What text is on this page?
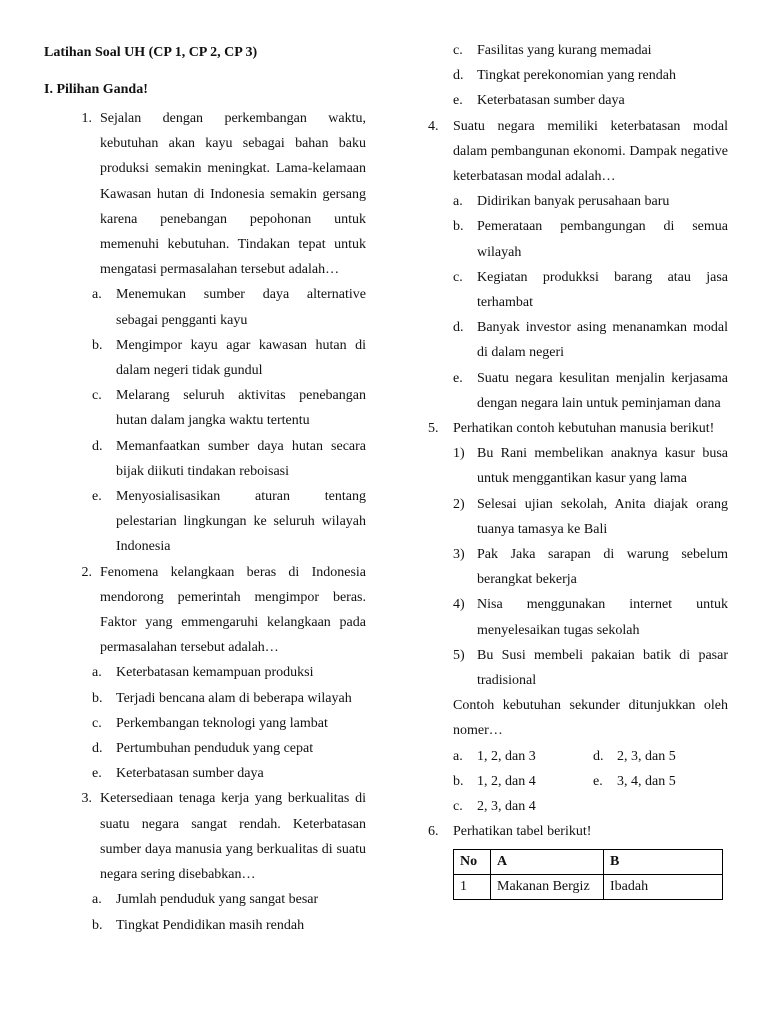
Latihan Soal UH (CP 1, CP 2, CP 3)

I. Pilihan Ganda!

1. Sejalan dengan perkembangan waktu, kebutuhan akan kayu sebagai bahan baku produksi semakin meningkat. Lama-kelamaan Kawasan hutan di Indonesia semakin gersang karena penebangan pepohonan untuk memenuhi kebutuhan. Tindakan tepat untuk mengatasi permasalahan tersebut adalah…
a.	Menemukan sumber daya alternative sebagai pengganti kayu
b. Mengimpor kayu agar kawasan hutan di dalam negeri tidak gundul
c.	Melarang seluruh aktivitas penebangan hutan dalam jangka waktu tertentu
d. Memanfaatkan sumber daya hutan secara bijak diikuti tindakan reboisasi
e.	Menyosialisasikan aturan tentang pelestarian lingkungan ke seluruh wilayah Indonesia
2. Fenomena kelangkaan beras di Indonesia mendorong pemerintah mengimpor beras. Faktor yang emmengaruhi kelangkaan pada permasalahan tersebut adalah…
a.	Keterbatasan kemampuan produksi
b. Terjadi bencana alam di beberapa wilayah
c.	Perkembangan teknologi yang lambat
d. Pertumbuhan penduduk yang cepat
e.	Keterbatasan sumber daya
3. Ketersediaan tenaga kerja yang berkualitas di suatu negara sangat rendah. Keterbatasan sumber daya manusia yang berkualitas di suatu negara sering disebabkan…
a.	Jumlah penduduk yang sangat besar
b. Tingkat Pendidikan masih rendah
c.	Fasilitas yang kurang memadai
d. Tingkat perekonomian yang rendah
e.	Keterbatasan sumber daya
4.	Suatu negara memiliki keterbatasan modal dalam pembangunan ekonomi. Dampak negative keterbatasan modal adalah…
a.	Didirikan banyak perusahaan baru
b. Pemerataan pembangungan di semua wilayah
c.	Kegiatan produkksi barang atau jasa terhambat
d. Banyak investor asing menanamkan modal di dalam negeri
e.	Suatu negara kesulitan menjalin kerjasama dengan negara lain untuk peminjaman dana
5.	Perhatikan contoh kebutuhan manusia berikut!
1) Bu Rani membelikan anaknya kasur busa untuk menggantikan kasur yang lama
2) Selesai ujian sekolah, Anita diajak orang tuanya tamasya ke Bali
3) Pak Jaka sarapan di warung sebelum berangkat bekerja
4) Nisa menggunakan internet untuk menyelesaikan tugas sekolah
5) Bu Susi membeli pakaian batik di pasar tradisional
Contoh kebutuhan sekunder ditunjukkan oleh nomer…
a.	1, 2, dan 3	d. 2, 3, dan 5
b. 1, 2, dan 4	e.	3, 4, dan 5
c.	2, 3, dan 4
6.	Perhatikan tabel berikut!
No	A	B
1	Makanan Bergiz	Ibadah
